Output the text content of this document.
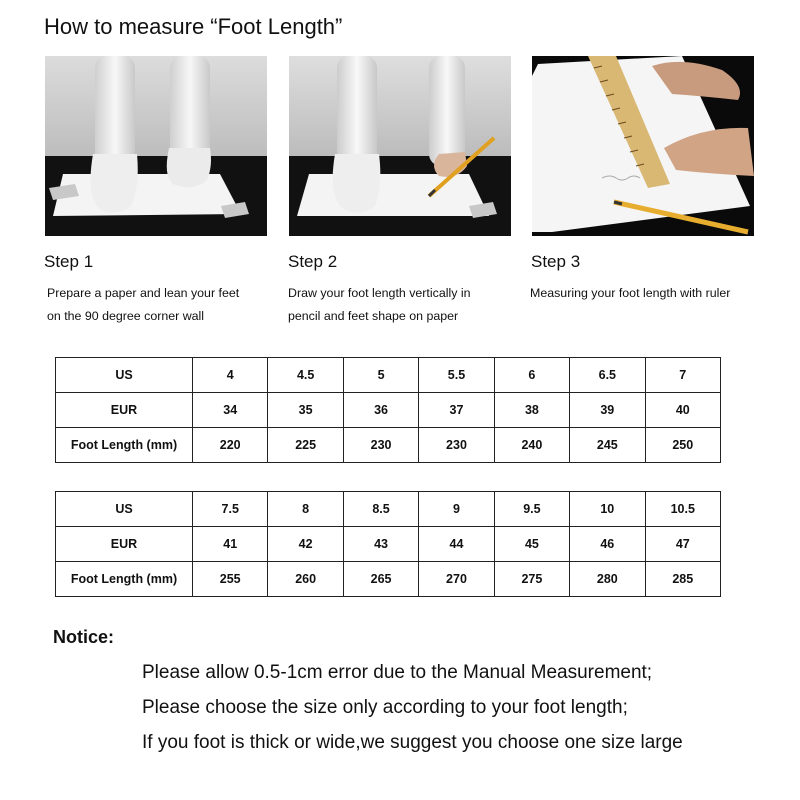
How to measure “Foot Length”
Step 1	Step 2	Step 3
Prepare a paper and lean your feet
on the 90 degree corner wall
Draw your foot length vertically in
pencil and feet shape on paper
Measuring your foot length with ruler
US	4	4.5	5	5.5	6	6.5	7
EUR	34	35	36	37	38	39	40
Foot Length (mm)	220	225	230	230	240	245	250
US	7.5	8	8.5	9	9.5	10	10.5
EUR	41	42	43	44	45	46	47
Foot Length (mm)	255	260	265	270	275	280	285
Notice:
Please allow 0.5-1cm error due to the Manual Measurement;
Please choose the size only according to your foot length;
If you foot is thick or wide,we suggest you choose one size large
